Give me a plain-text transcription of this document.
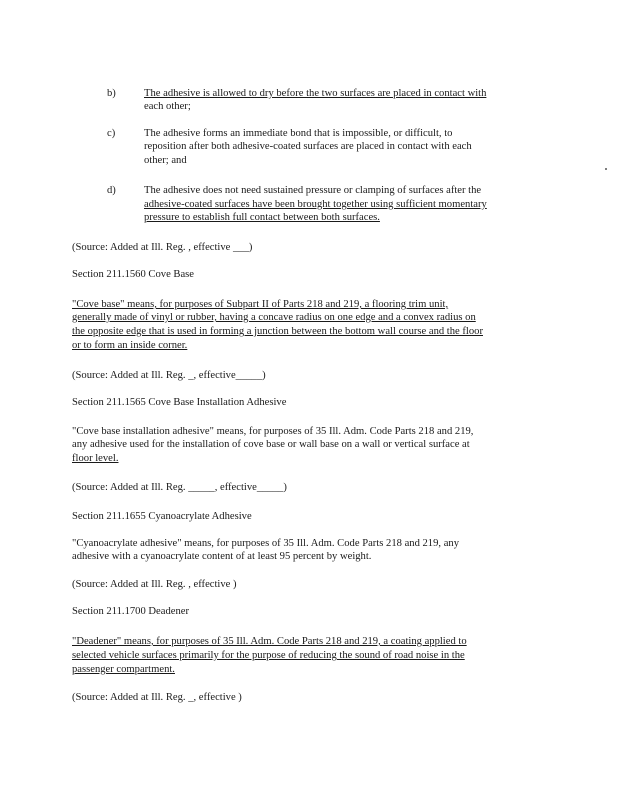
b)	The adhesive is allowed to dry before the two surfaces are placed in contact with
each other;
c)	The adhesive forms an immediate bond that is impossible, or difficult, to
reposition after both adhesive-coated surfaces are placed in contact with each
other; and
d)	The adhesive does not need sustained pressure or clamping of surfaces after the
adhesive-coated surfaces have been brought together using sufficient momentary
pressure to establish full contact between both surfaces.
(Source: Added at Ill. Reg. , effective ___)
Section 211.1560 Cove Base
"Cove base" means, for purposes of Subpart II of Parts 218 and 219, a flooring trim unit,
generally made of vinyl or rubber, having a concave radius on one edge and a convex radius on
the opposite edge that is used in forming a junction between the bottom wall course and the floor
or to form an inside corner.
(Source: Added at Ill. Reg. _, effective_____)
Section 211.1565 Cove Base Installation Adhesive
"Cove base installation adhesive" means, for purposes of 35 Ill. Adm. Code Parts 218 and 219,
any adhesive used for the installation of cove base or wall base on a wall or vertical surface at
floor level.
(Source: Added at Ill. Reg. _____, effective_____)
Section 211.1655 Cyanoacrylate Adhesive
"Cyanoacrylate adhesive" means, for purposes of 35 Ill. Adm. Code Parts 218 and 219, any
adhesive with a cyanoacrylate content of at least 95 percent by weight.
(Source: Added at Ill. Reg. , effective )
Section 211.1700 Deadener
"Deadener" means, for purposes of 35 Ill. Adm. Code Parts 218 and 219, a coating applied to
selected vehicle surfaces primarily for the purpose of reducing the sound of road noise in the
passenger compartment.
(Source: Added at Ill. Reg. _, effective )
